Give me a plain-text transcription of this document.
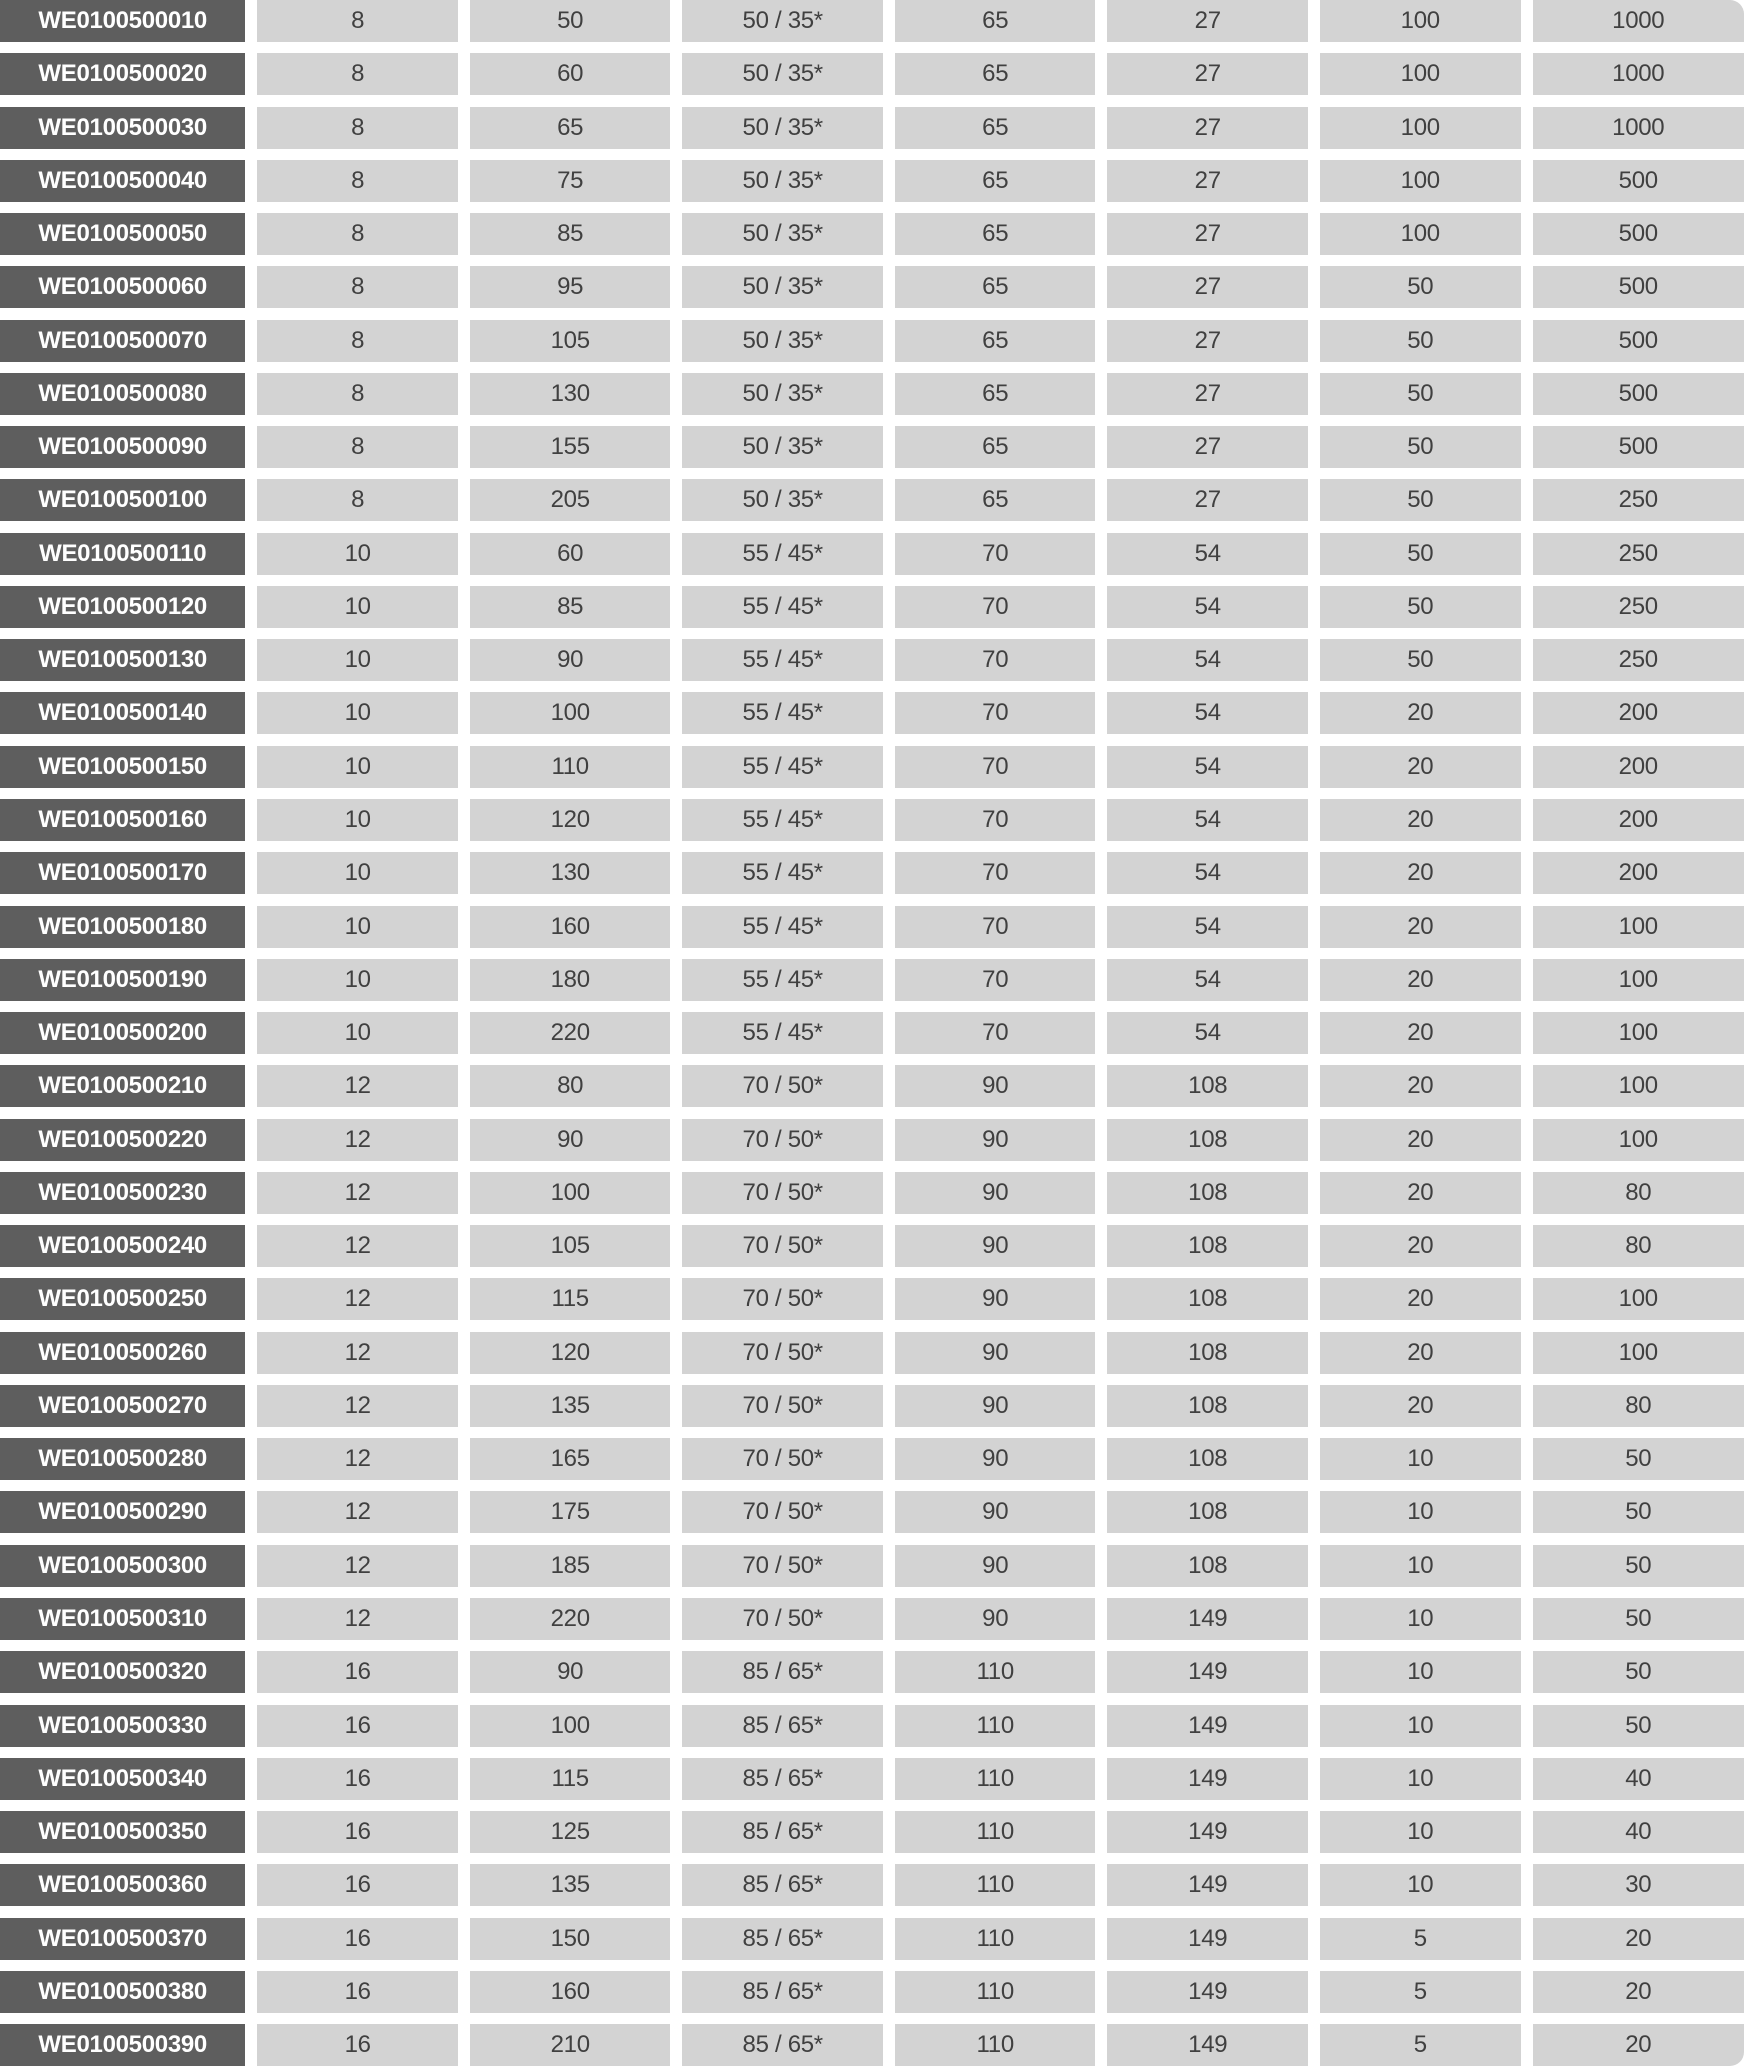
WE0100500010	8	50	50 / 35*	65	27	100	1000
WE0100500020	8	60	50 / 35*	65	27	100	1000
WE0100500030	8	65	50 / 35*	65	27	100	1000
WE0100500040	8	75	50 / 35*	65	27	100	500
WE0100500050	8	85	50 / 35*	65	27	100	500
WE0100500060	8	95	50 / 35*	65	27	50	500
WE0100500070	8	105	50 / 35*	65	27	50	500
WE0100500080	8	130	50 / 35*	65	27	50	500
WE0100500090	8	155	50 / 35*	65	27	50	500
WE0100500100	8	205	50 / 35*	65	27	50	250
WE0100500110	10	60	55 / 45*	70	54	50	250
WE0100500120	10	85	55 / 45*	70	54	50	250
WE0100500130	10	90	55 / 45*	70	54	50	250
WE0100500140	10	100	55 / 45*	70	54	20	200
WE0100500150	10	110	55 / 45*	70	54	20	200
WE0100500160	10	120	55 / 45*	70	54	20	200
WE0100500170	10	130	55 / 45*	70	54	20	200
WE0100500180	10	160	55 / 45*	70	54	20	100
WE0100500190	10	180	55 / 45*	70	54	20	100
WE0100500200	10	220	55 / 45*	70	54	20	100
WE0100500210	12	80	70 / 50*	90	108	20	100
WE0100500220	12	90	70 / 50*	90	108	20	100
WE0100500230	12	100	70 / 50*	90	108	20	80
WE0100500240	12	105	70 / 50*	90	108	20	80
WE0100500250	12	115	70 / 50*	90	108	20	100
WE0100500260	12	120	70 / 50*	90	108	20	100
WE0100500270	12	135	70 / 50*	90	108	20	80
WE0100500280	12	165	70 / 50*	90	108	10	50
WE0100500290	12	175	70 / 50*	90	108	10	50
WE0100500300	12	185	70 / 50*	90	108	10	50
WE0100500310	12	220	70 / 50*	90	149	10	50
WE0100500320	16	90	85 / 65*	110	149	10	50
WE0100500330	16	100	85 / 65*	110	149	10	50
WE0100500340	16	115	85 / 65*	110	149	10	40
WE0100500350	16	125	85 / 65*	110	149	10	40
WE0100500360	16	135	85 / 65*	110	149	10	30
WE0100500370	16	150	85 / 65*	110	149	5	20
WE0100500380	16	160	85 / 65*	110	149	5	20
WE0100500390	16	210	85 / 65*	110	149	5	20
